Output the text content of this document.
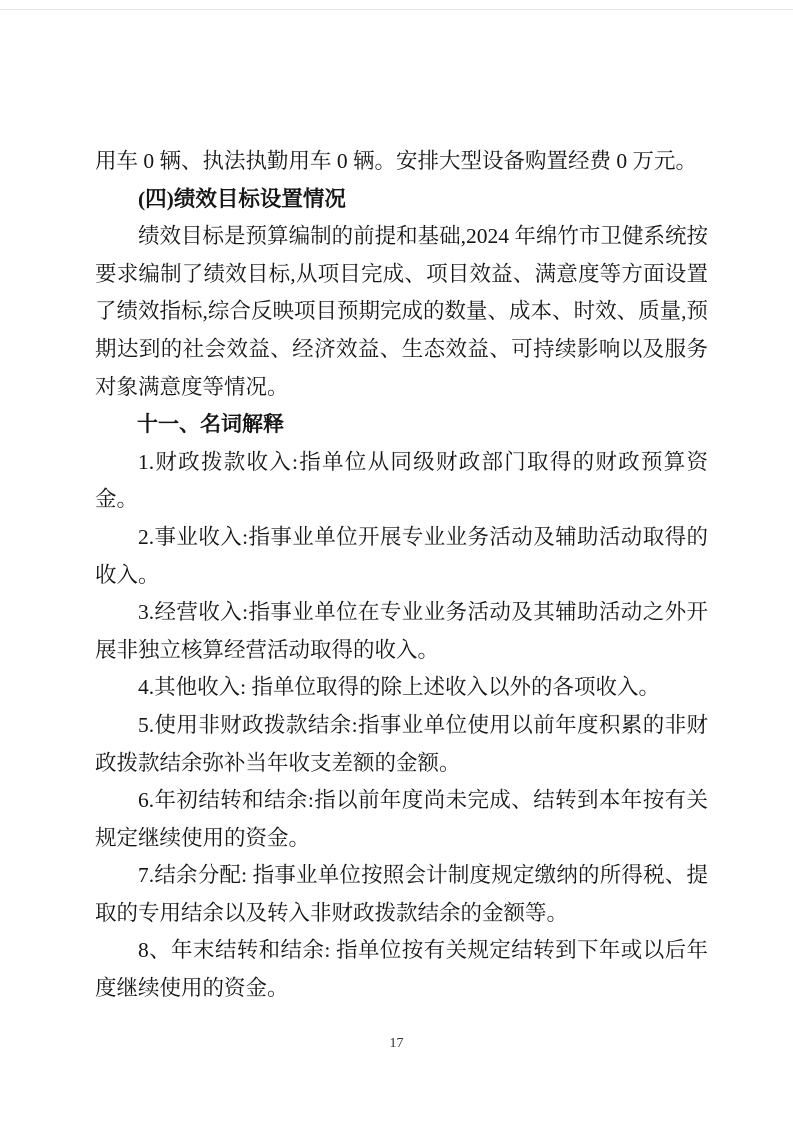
用车 0 辆、执法执勤用车 0 辆。安排大型设备购置经费 0 万元。

(四)绩效目标设置情况

绩效目标是预算编制的前提和基础,2024 年绵竹市卫健系统按要求编制了绩效目标,从项目完成、项目效益、满意度等方面设置了绩效指标,综合反映项目预期完成的数量、成本、时效、质量,预期达到的社会效益、经济效益、生态效益、可持续影响以及服务对象满意度等情况。

十一、名词解释

1.财政拨款收入:指单位从同级财政部门取得的财政预算资金。

2.事业收入:指事业单位开展专业业务活动及辅助活动取得的收入。

3.经营收入:指事业单位在专业业务活动及其辅助活动之外开展非独立核算经营活动取得的收入。

4.其他收入: 指单位取得的除上述收入以外的各项收入。

5.使用非财政拨款结余:指事业单位使用以前年度积累的非财政拨款结余弥补当年收支差额的金额。

6.年初结转和结余:指以前年度尚未完成、结转到本年按有关规定继续使用的资金。

7.结余分配: 指事业单位按照会计制度规定缴纳的所得税、提取的专用结余以及转入非财政拨款结余的金额等。

8、年末结转和结余: 指单位按有关规定结转到下年或以后年度继续使用的资金。

17
